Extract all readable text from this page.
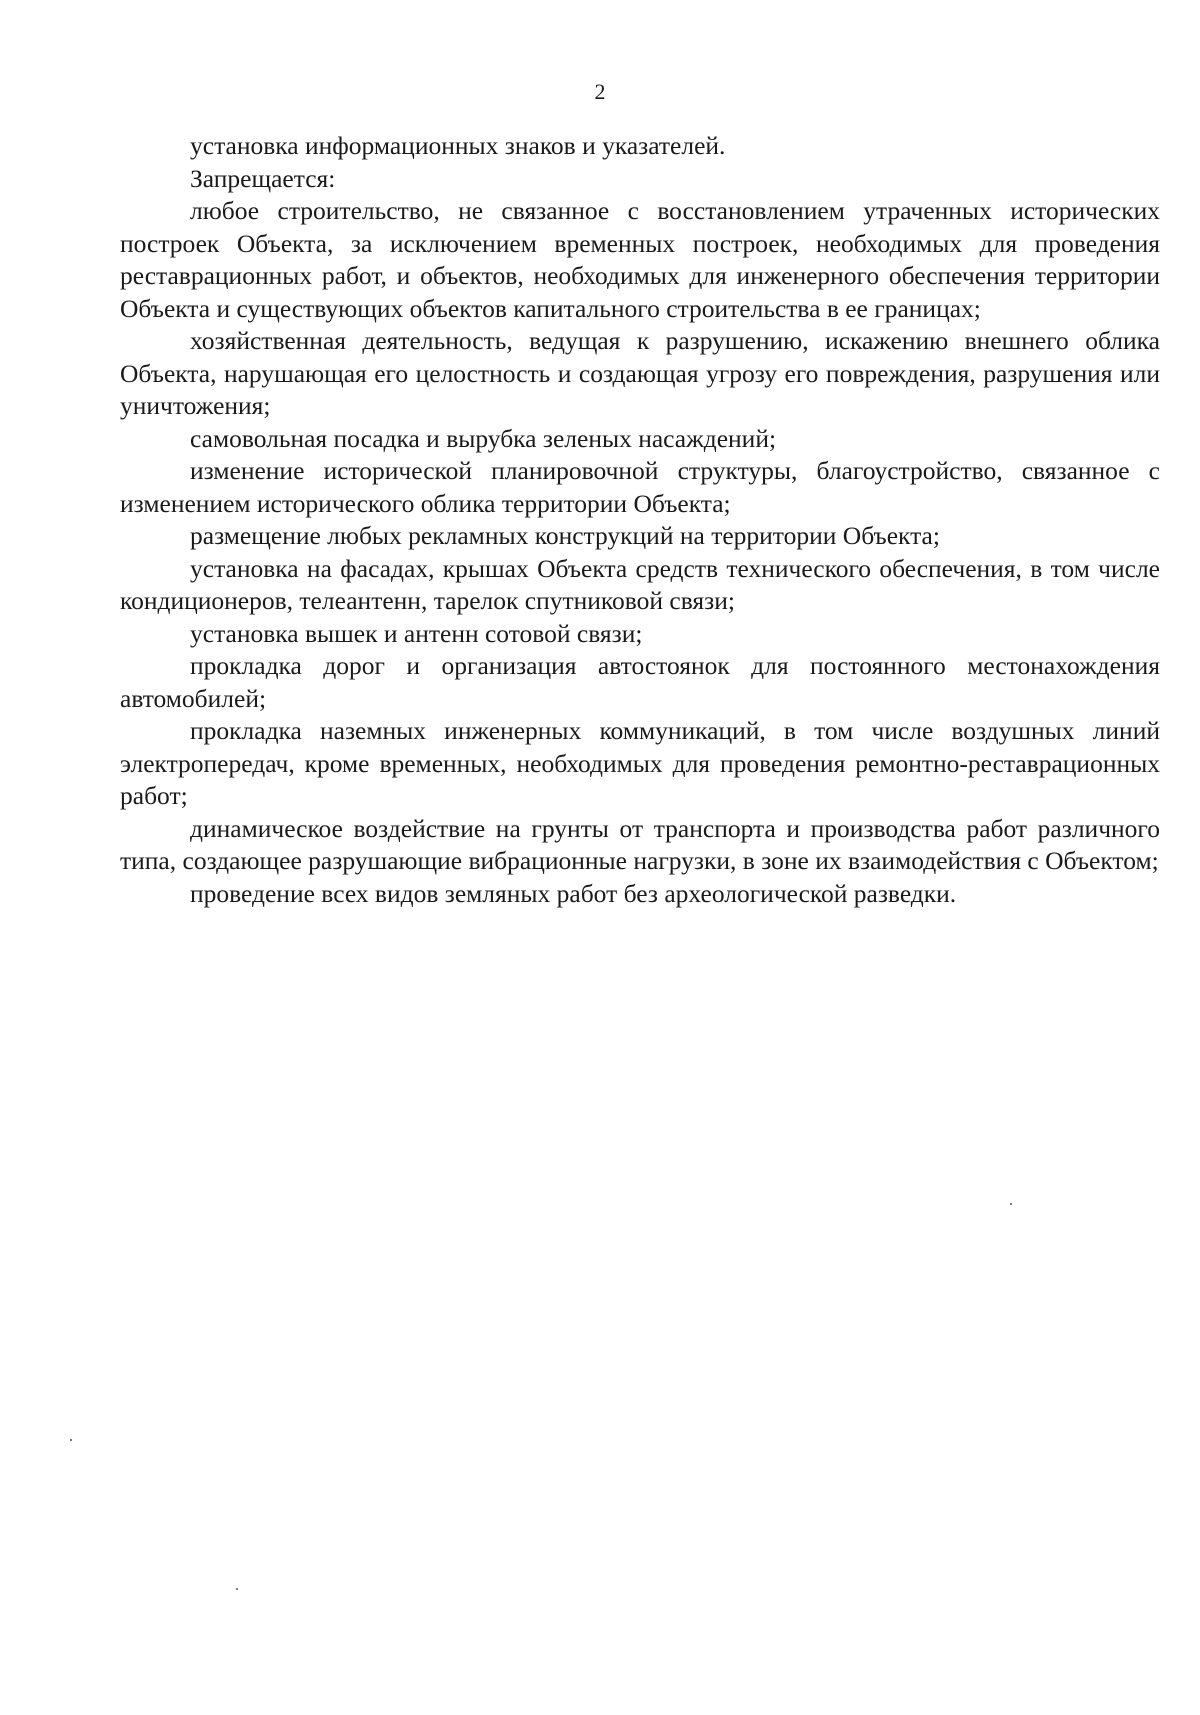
2

установка информационных знаков и указателей.

Запрещается:

любое строительство, не связанное с восстановлением утраченных исторических построек Объекта, за исключением временных построек, необходимых для проведения реставрационных работ, и объектов, необходимых для инженерного обеспечения территории Объекта и существующих объектов капитального строительства в ее границах;

хозяйственная деятельность, ведущая к разрушению, искажению внешнего облика Объекта, нарушающая его целостность и создающая угрозу его повреждения, разрушения или уничтожения;

самовольная посадка и вырубка зеленых насаждений;

изменение исторической планировочной структуры, благоустройство, связанное с изменением исторического облика территории Объекта;

размещение любых рекламных конструкций на территории Объекта;

установка на фасадах, крышах Объекта средств технического обеспечения, в том числе кондиционеров, телеантенн, тарелок спутниковой связи;

установка вышек и антенн сотовой связи;

прокладка дорог и организация автостоянок для постоянного местонахождения автомобилей;

прокладка наземных инженерных коммуникаций, в том числе воздушных линий электропередач, кроме временных, необходимых для проведения ремонтно-реставрационных работ;

динамическое воздействие на грунты от транспорта и производства работ различного типа, создающее разрушающие вибрационные нагрузки, в зоне их взаимодействия с Объектом;

проведение всех видов земляных работ без археологической разведки.
